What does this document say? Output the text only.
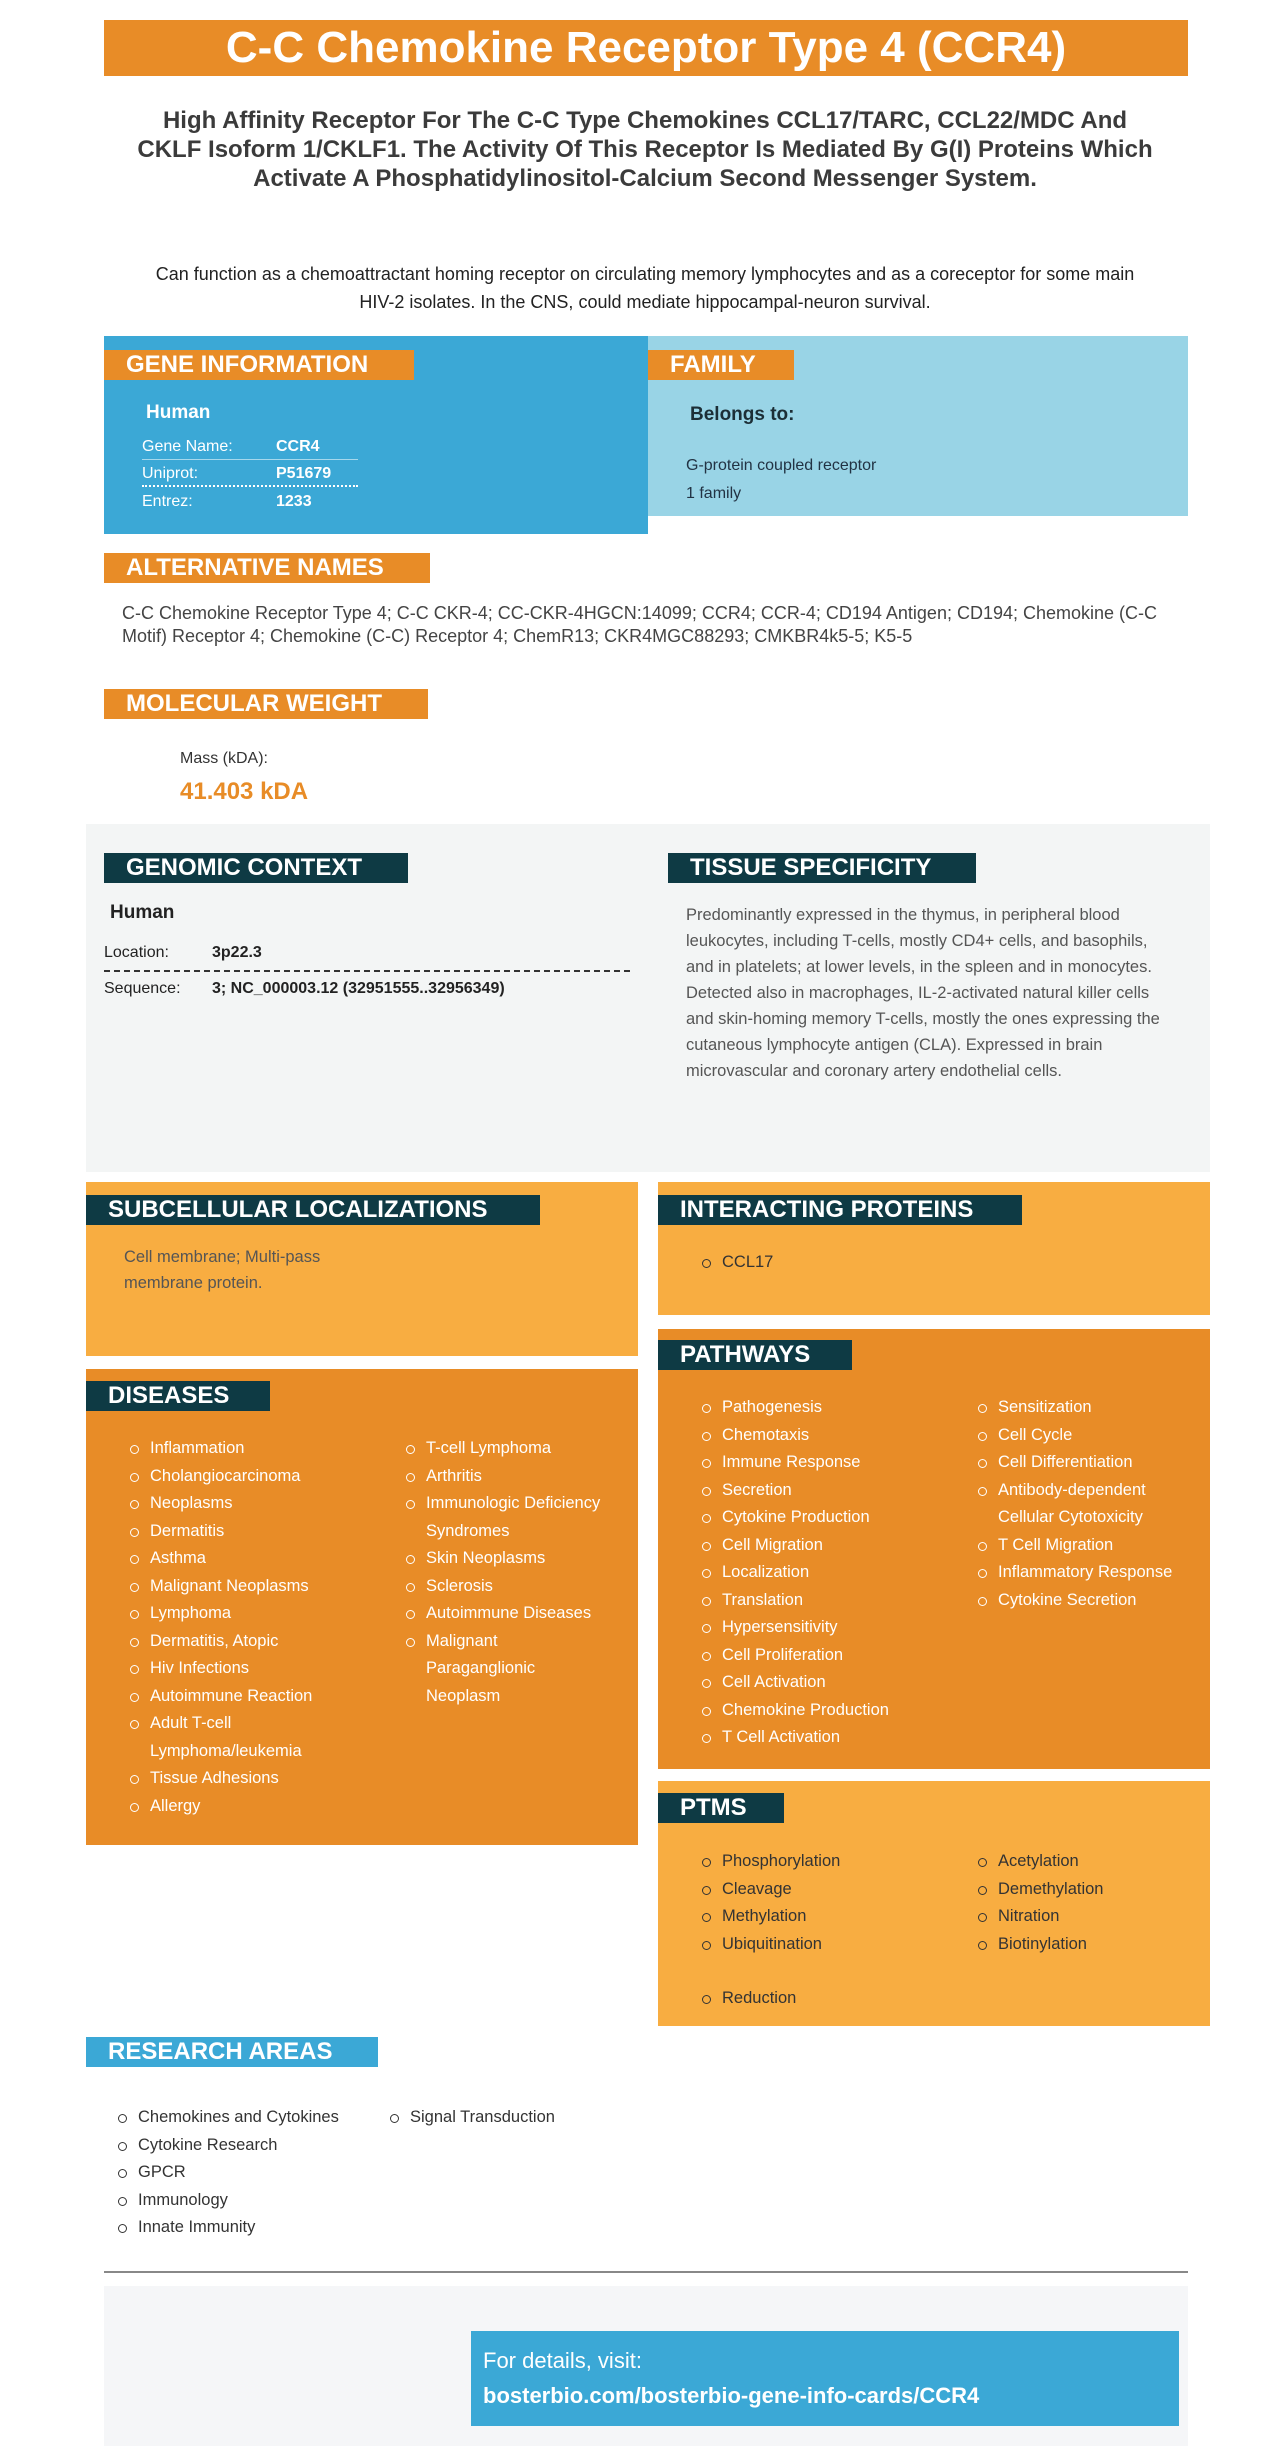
C-C Chemokine Receptor Type 4 (CCR4)
High Affinity Receptor For The C-C Type Chemokines CCL17/TARC, CCL22/MDC And CKLF Isoform 1/CKLF1. The Activity Of This Receptor Is Mediated By G(I) Proteins Which Activate A Phosphatidylinositol-Calcium Second Messenger System.
Can function as a chemoattractant homing receptor on circulating memory lymphocytes and as a coreceptor for some main HIV-2 isolates. In the CNS, could mediate hippocampal-neuron survival.
GENE INFORMATION
Human
Gene Name:	CCR4
Uniprot:	P51679
Entrez:	1233
FAMILY
Belongs to:
G-protein coupled receptor
1 family
ALTERNATIVE NAMES
C-C Chemokine Receptor Type 4; C-C CKR-4; CC-CKR-4HGCN:14099; CCR4; CCR-4; CD194 Antigen; CD194; Chemokine (C-C Motif) Receptor 4; Chemokine (C-C) Receptor 4; ChemR13; CKR4MGC88293; CMKBR4k5-5; K5-5
MOLECULAR WEIGHT
Mass (kDA):
41.403 kDA
GENOMIC CONTEXT
Human
Location:	3p22.3
Sequence: 3; NC_000003.12 (32951555..32956349)
TISSUE SPECIFICITY
Predominantly expressed in the thymus, in peripheral blood leukocytes, including T-cells, mostly CD4+ cells, and basophils, and in platelets; at lower levels, in the spleen and in monocytes. Detected also in macrophages, IL-2-activated natural killer cells and skin-homing memory T-cells, mostly the ones expressing the cutaneous lymphocyte antigen (CLA). Expressed in brain microvascular and coronary artery endothelial cells.
SUBCELLULAR LOCALIZATIONS
Cell membrane; Multi-pass membrane protein.
INTERACTING PROTEINS
CCL17
DISEASES
Inflammation
Cholangiocarcinoma
Neoplasms
Dermatitis
Asthma
Malignant Neoplasms
Lymphoma
Dermatitis, Atopic
Hiv Infections
Autoimmune Reaction
Adult T-cell Lymphoma/leukemia
Tissue Adhesions
Allergy
T-cell Lymphoma
Arthritis
Immunologic Deficiency Syndromes
Skin Neoplasms
Sclerosis
Autoimmune Diseases
Malignant Paraganglionic Neoplasm
PATHWAYS
Pathogenesis
Chemotaxis
Immune Response
Secretion
Cytokine Production
Cell Migration
Localization
Translation
Hypersensitivity
Cell Proliferation
Cell Activation
Chemokine Production
T Cell Activation
Sensitization
Cell Cycle
Cell Differentiation
Antibody-dependent Cellular Cytotoxicity
T Cell Migration
Inflammatory Response
Cytokine Secretion
PTMS
Phosphorylation
Cleavage
Methylation
Ubiquitination
Reduction
Acetylation
Demethylation
Nitration
Biotinylation
RESEARCH AREAS
Chemokines and Cytokines
Cytokine Research
GPCR
Immunology
Innate Immunity
Signal Transduction
For details, visit:
bosterbio.com/bosterbio-gene-info-cards/CCR4
